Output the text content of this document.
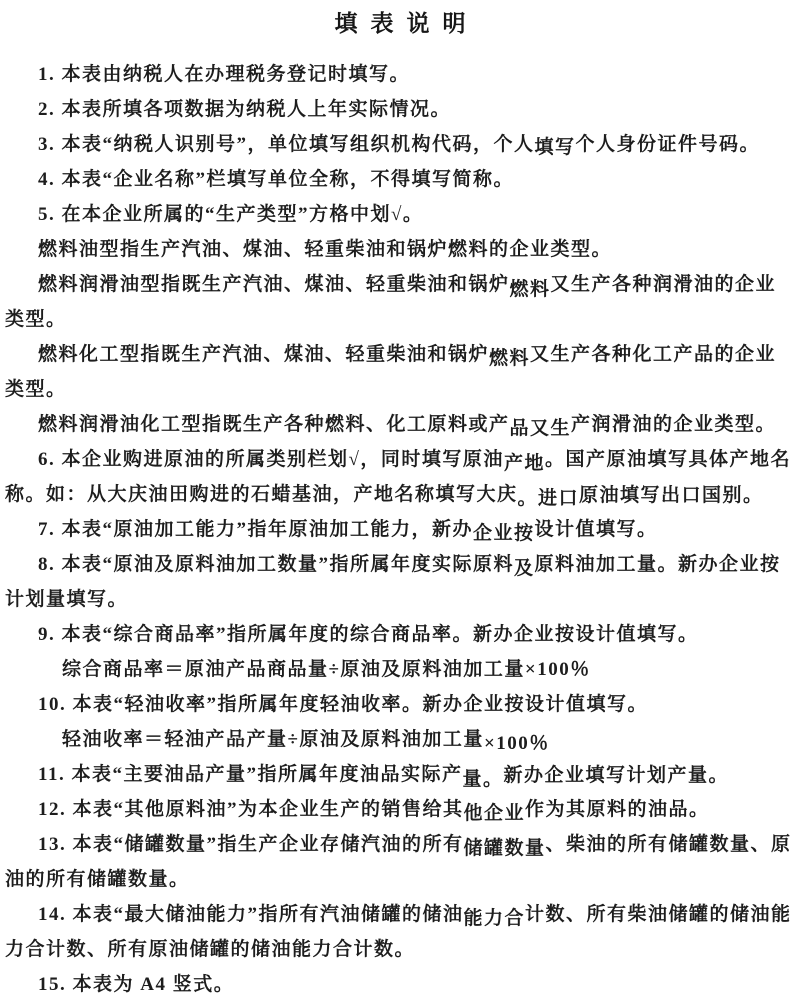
填表说明
1. 本表由纳税人在办理税务登记时填写。
2. 本表所填各项数据为纳税人上年实际情况。
3. 本表“纳税人识别号”，单位填写组织机构代码，个人填写个人身份证件号码。
4. 本表“企业名称”栏填写单位全称，不得填写简称。
5. 在本企业所属的“生产类型”方格中划√。
燃料油型指生产汽油、煤油、轻重柴油和锅炉燃料的企业类型。
燃料润滑油型指既生产汽油、煤油、轻重柴油和锅炉燃料又生产各种润滑油的企业
类型。
燃料化工型指既生产汽油、煤油、轻重柴油和锅炉燃料又生产各种化工产品的企业
类型。
燃料润滑油化工型指既生产各种燃料、化工原料或产品又生产润滑油的企业类型。
6. 本企业购进原油的所属类别栏划√，同时填写原油产地。国产原油填写具体产地名
称。如：从大庆油田购进的石蜡基油，产地名称填写大庆。进口原油填写出口国别。
7. 本表“原油加工能力”指年原油加工能力，新办企业按设计值填写。
8. 本表“原油及原料油加工数量”指所属年度实际原料及原料油加工量。新办企业按
计划量填写。
9. 本表“综合商品率”指所属年度的综合商品率。新办企业按设计值填写。
综合商品率＝原油产品商品量÷原油及原料油加工量×100％
10. 本表“轻油收率”指所属年度轻油收率。新办企业按设计值填写。
轻油收率＝轻油产品产量÷原油及原料油加工量×100％
11. 本表“主要油品产量”指所属年度油品实际产量。新办企业填写计划产量。
12. 本表“其他原料油”为本企业生产的销售给其他企业作为其原料的油品。
13. 本表“储罐数量”指生产企业存储汽油的所有储罐数量、柴油的所有储罐数量、原
油的所有储罐数量。
14. 本表“最大储油能力”指所有汽油储罐的储油能力合计数、所有柴油储罐的储油能
力合计数、所有原油储罐的储油能力合计数。
15. 本表为 A4 竖式。
